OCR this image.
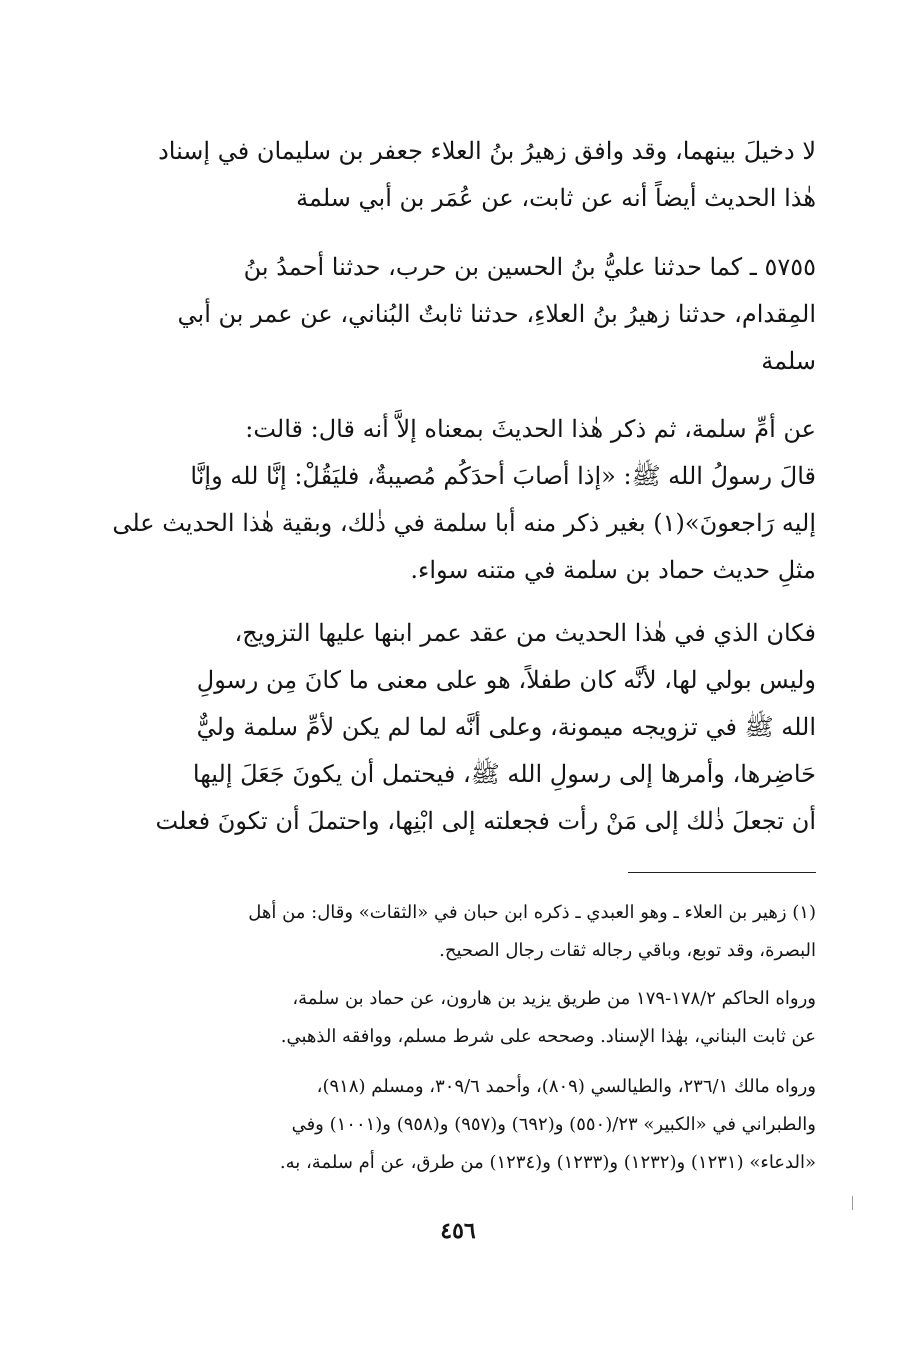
لا دخيلَ بينهما، وقد وافق زهيرُ بنُ العلاء جعفر بن سليمان في إسناد
هٰذا الحديث أيضاً أنه عن ثابت، عن عُمَر بن أبي سلمة
٥٧٥٥ ـ كما حدثنا عليُّ بنُ الحسين بن حرب، حدثنا أحمدُ بنُ
المِقدام، حدثنا زهيرُ بنُ العلاءِ، حدثنا ثابتٌ البُناني، عن عمر بن أبي
سلمة
عن أمِّ سلمة، ثم ذكر هٰذا الحديثَ بمعناه إلاَّ أنه قال: قالت:
قالَ رسولُ الله ﷺ: «إذا أصابَ أحدَكُم مُصيبةٌ، فليَقُلْ: إنَّا لله وإنَّا
إليه رَاجعونَ»(١) بغير ذكر منه أبا سلمة في ذٰلك، وبقية هٰذا الحديث على
مثلِ حديث حماد بن سلمة في متنه سواء.
فكان الذي في هٰذا الحديث من عقد عمر ابنها عليها التزويج،
وليس بولي لها، لأنَّه كان طفلاً، هو على معنى ما كانَ مِن رسولِ
الله ﷺ في تزويجه ميمونة، وعلى أنَّه لما لم يكن لأمِّ سلمة وليٌّ
حَاضِرها، وأمرها إلى رسولِ الله ﷺ، فيحتمل أن يكونَ جَعَلَ إليها
أن تجعلَ ذٰلك إلى مَنْ رأت فجعلته إلى ابْنِها، واحتملَ أن تكونَ فعلت
(١) زهير بن العلاء ـ وهو العبدي ـ ذكره ابن حبان في «الثقات» وقال: من أهل
البصرة، وقد توبع، وباقي رجاله ثقات رجال الصحيح.
ورواه الحاكم ١٧٨/٢-١٧٩ من طريق يزيد بن هارون، عن حماد بن سلمة،
عن ثابت البناني، بهٰذا الإسناد. وصححه على شرط مسلم، ووافقه الذهبي.
ورواه مالك ٢٣٦/١، والطيالسي (٨٠٩)، وأحمد ٣٠٩/٦، ومسلم (٩١٨)،
والطبراني في «الكبير» ٢٣/(٥٥٠) و(٦٩٢) و(٩٥٧) و(٩٥٨) و(١٠٠١) وفي
«الدعاء» (١٢٣١) و(١٢٣٢) و(١٢٣٣) و(١٢٣٤) من طرق، عن أم سلمة، به.
٤٥٦
